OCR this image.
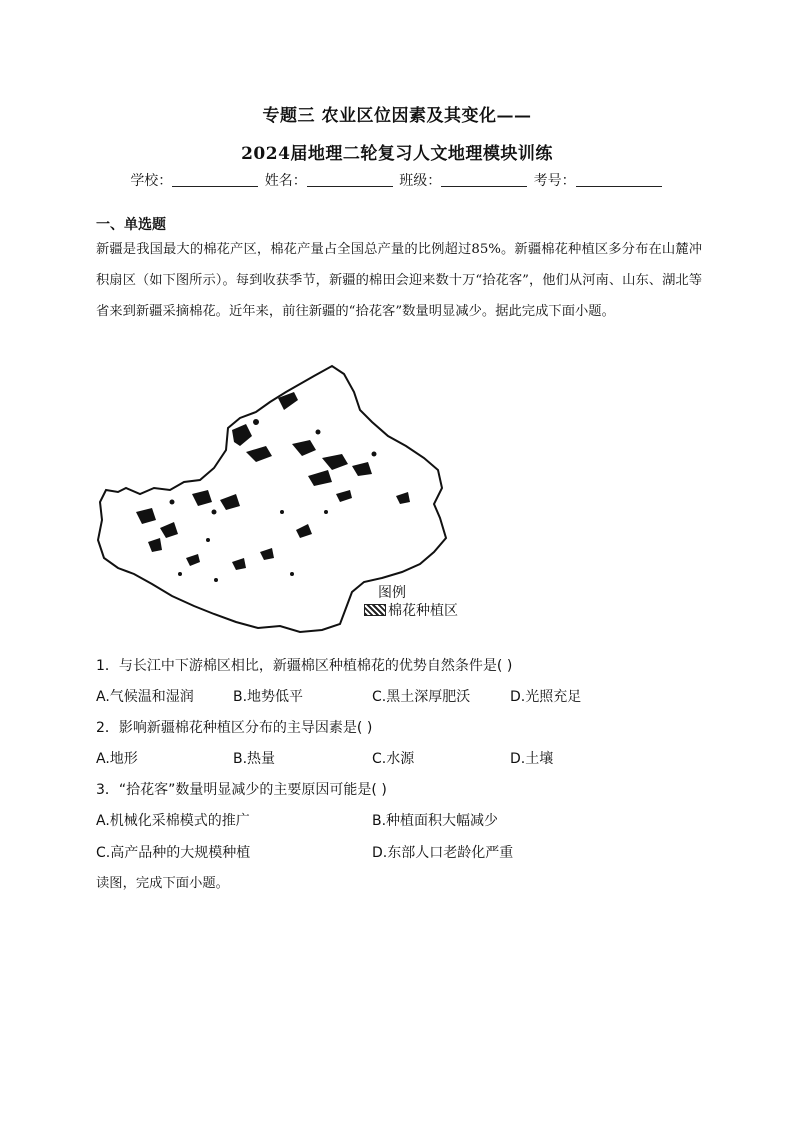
专题三 农业区位因素及其变化——
2024届地理二轮复习人文地理模块训练
学校：	姓名：	班级：	考号：
一、单选题
新疆是我国最大的棉花产区，棉花产量占全国总产量的比例超过85%。新疆棉花种植区多分布在山麓冲积扇区（如下图所示）。每到收获季节，新疆的棉田会迎来数十万“拾花客”，他们从河南、山东、湖北等省来到新疆采摘棉花。近年来，前往新疆的“拾花客”数量明显减少。据此完成下面小题。
图例
棉花种植区
1．与长江中下游棉区相比，新疆棉区种植棉花的优势自然条件是( )
A.气候温和湿润	B.地势低平	C.黑土深厚肥沃	D.光照充足
2．影响新疆棉花种植区分布的主导因素是( )
A.地形	B.热量	C.水源	D.土壤
3．“拾花客”数量明显减少的主要原因可能是( )
A.机械化采棉模式的推广	B.种植面积大幅减少
C.高产品种的大规模种植	D.东部人口老龄化严重
读图，完成下面小题。
